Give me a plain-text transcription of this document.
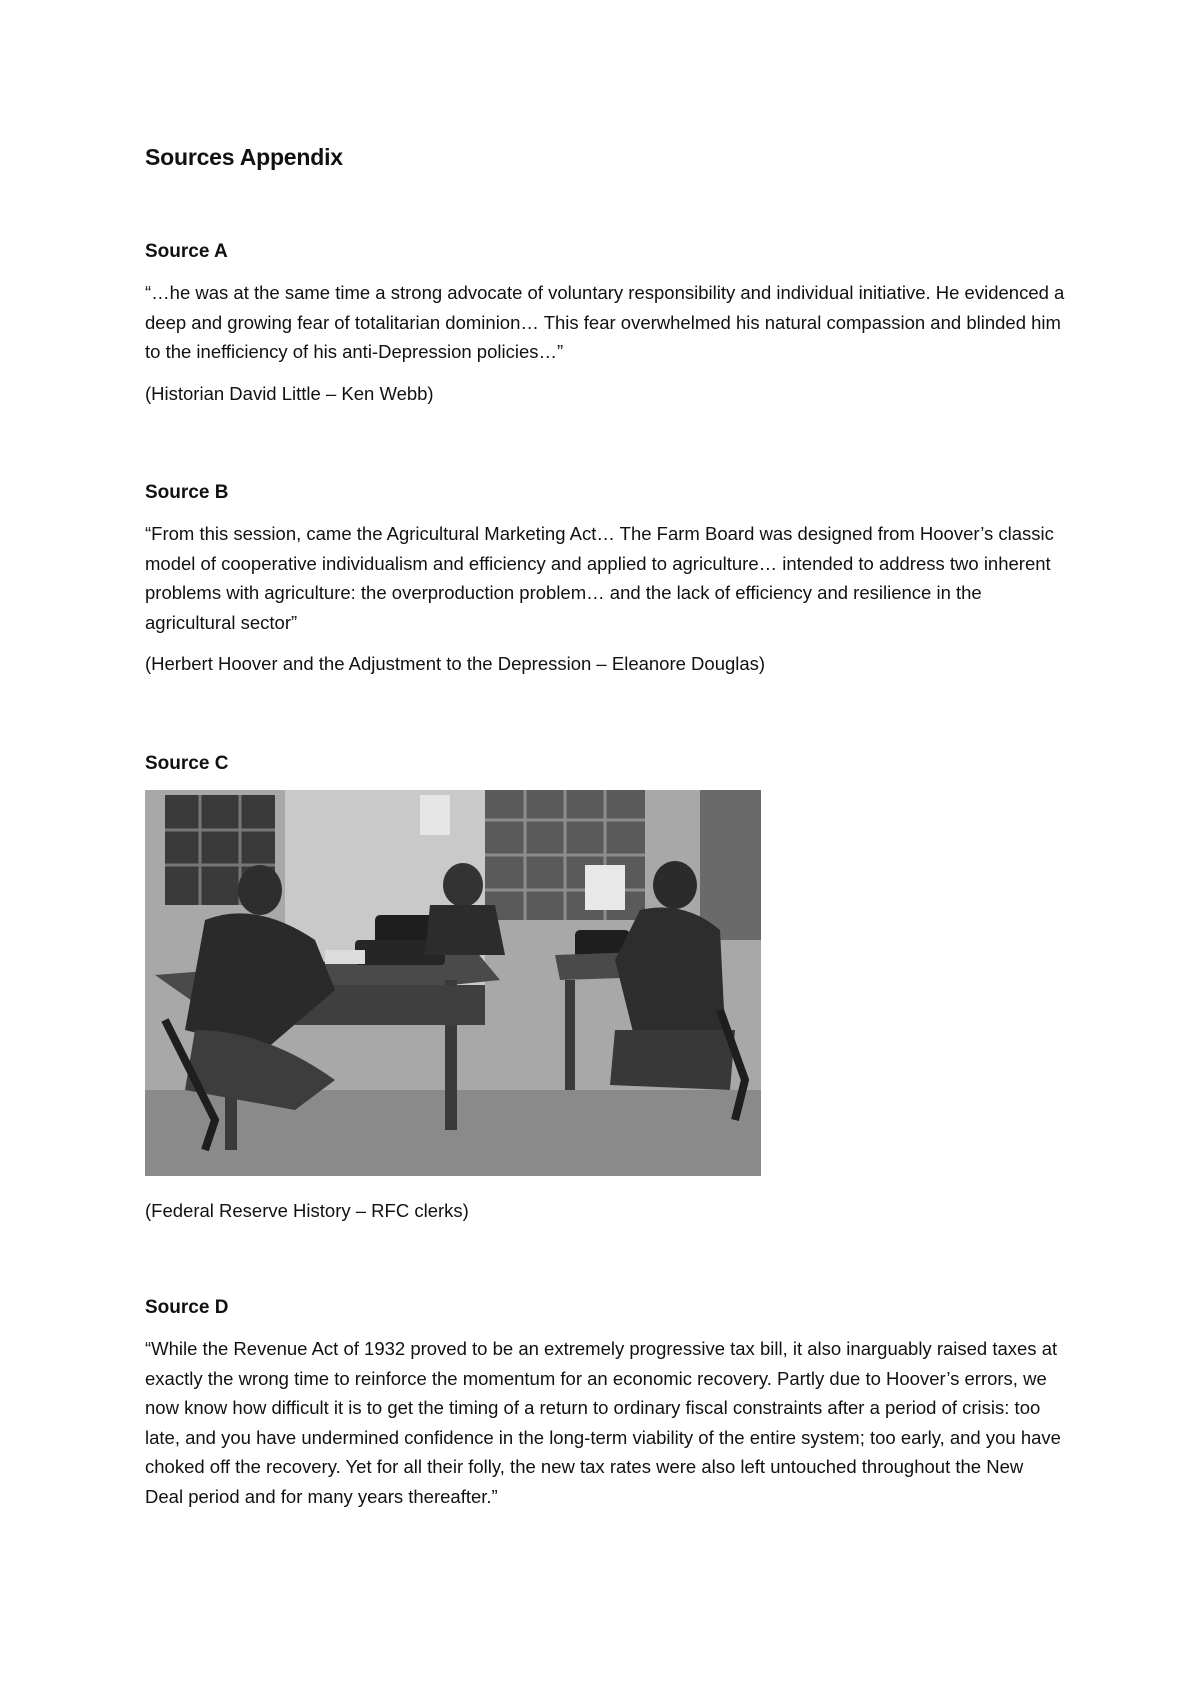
Sources Appendix

Source A

“…he was at the same time a strong advocate of voluntary responsibility and individual initiative. He evidenced a deep and growing fear of totalitarian dominion… This fear overwhelmed his natural compassion and blinded him to the inefficiency of his anti-Depression policies…”

(Historian David Little – Ken Webb)

Source B

“From this session, came the Agricultural Marketing Act… The Farm Board was designed from Hoover’s classic model of cooperative individualism and efficiency and applied to agriculture… intended to address two inherent problems with agriculture: the overproduction problem… and the lack of efficiency and resilience in the agricultural sector”

(Herbert Hoover and the Adjustment to the Depression – Eleanore Douglas)

Source C

(Federal Reserve History – RFC clerks)

Source D

“While the Revenue Act of 1932 proved to be an extremely progressive tax bill, it also inarguably raised taxes at exactly the wrong time to reinforce the momentum for an economic recovery. Partly due to Hoover’s errors, we now know how difficult it is to get the timing of a return to ordinary fiscal constraints after a period of crisis: too late, and you have undermined confidence in the long-term viability of the entire system; too early, and you have choked off the recovery. Yet for all their folly, the new tax rates were also left untouched throughout the New Deal period and for many years thereafter.”
